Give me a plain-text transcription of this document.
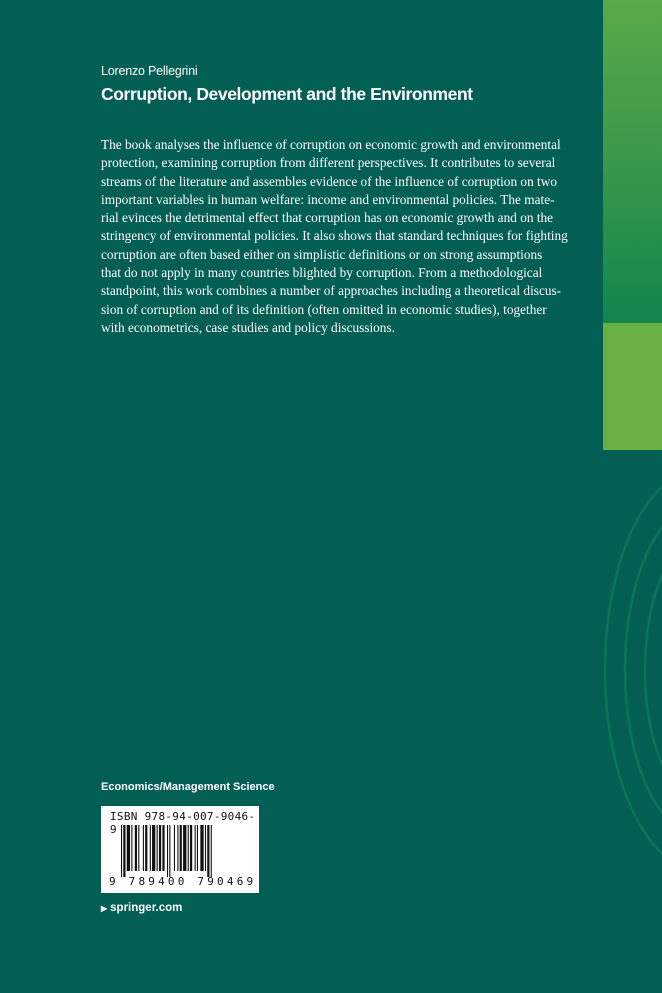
Lorenzo Pellegrini
Corruption, Development and the Environment
The book analyses the influence of corruption on economic growth and environmental
protection, examining corruption from different perspectives. It contributes to several
streams of the literature and assembles evidence of the influence of corruption on two
important variables in human welfare: income and environmental policies. The mate-
rial evinces the detrimental effect that corruption has on economic growth and on the
stringency of environmental policies. It also shows that standard techniques for fighting
corruption are often based either on simplistic definitions or on strong assumptions
that do not apply in many countries blighted by corruption. From a methodological
standpoint, this work combines a number of approaches including a theoretical discus-
sion of corruption and of its definition (often omitted in economic studies), together
with econometrics, case studies and policy discussions.
Economics/Management Science
ISBN 978-94-007-9046-9
9 789400 790469
▶ springer.com
